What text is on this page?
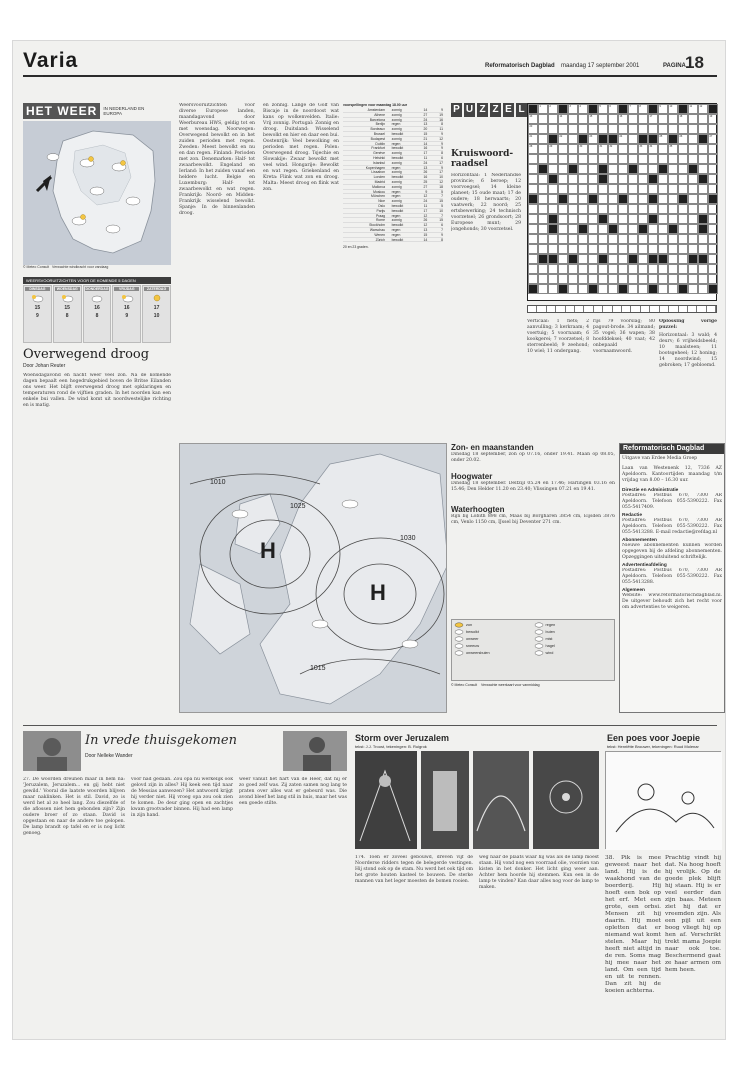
Varia	Reformatorisch Dagblad maandag 17 september 2001	PAGINA 18
HET WEER	IN NEDERLAND EN EUROPA
© Meteo Consult Verwachte windkracht voor vandaag
WEERSVOORUITZICHTEN VOOR DE KOMENDE 5 DAGEN
DINSDAG
15
9
WOENSDAG
15
8
DONDERDAG
16
8
VRIJDAG
16
9
ZATERDAG
17
10
Overwegend droog
Door Johan Reuter

Woensdagavond en nacht weer veel zon. Na de komende dagen bepaalt een hogedrukgebied boven de Britse Eilanden ons weer. Het blijft overwegend droog met opklaringen en temperaturen rond de vijftien graden. In het noorden kan een enkele bui vallen. De wind komt uit noordwestelijke richting en is matig.

Weersvooruitzichten voor diverse Europese landen, maandagavond door Weerbureau HWS, geldig tot en met woensdag. Noorwegen: Overwegend bewolkt en in het zuiden perioden met regen. Zweden: Meest bewolkt en nu en dan regen. Finland: Perioden met zon. Denemarken: Half- tot zwaarbewolkt. Engeland en Ierland: In het zuiden vanaf een heldere lucht. Belgie en Luxemburg: Half- tot zwaarbewolkt en wat regen. Frankrijk: Noord- en Midden-Frankrijk wisselend bewolkt. Spanje: In de binnenlanden droog.

en zonnig. Lange de Golf van Biscaje in de noordoost wat kans op wolkenvelden. Italie: Vrij zonnig. Portugal: Zonnig en droog. Duitsland: Wisselend bewolkt en hier en daar een bui. Oostenrijk: Veel bewolking en perioden met regen. Polen: Overwegend droog. Tsjechie en Slowakije: Zwaar bewolkt met veel wind. Hongarije: Bewolkt en wat regen. Griekenland en Kreta: Flink wat zon en droog. Malta: Meest droog en flink wat zon.

voorspellingen voor maandag 18.00 uur
Amsterdam zonnig	14	9
Athene zonnig	27	19
Barcelona zonnig	24	16
Berlijn regen	13	8
Bordeaux zonnig	20	11
Brussel bewolkt	15	9
Budapest zonnig	21	12
Dublin regen	14	9
Frankfurt bewolkt	16	9
Genève zonnig	17	8
Helsinki bewolkt	11	6
Istanbul zonnig	24	17
Kopenhagen regen	13	9
Lissabon zonnig	26	17
Londen bewolkt	16	10
Madrid zonnig	25	12
Mallorca zonnig	27	18
Moskou regen	9	5
München regen	12	7
Nice zonnig	24	15
Oslo bewolkt	11	5
Parijs bewolkt	17	10
Praag regen	12	7
Rome zonnig	26	15
Stockholm bewolkt	12	6
Warschau regen	13	7
Wenen regen	15	9
Zürich bewolkt	14	8
20 en 23 graden.
P U Z Z E L
Kruiswoord-raadsel

Horizontaal: 1 Nederlandse provincie; 6 beroep; 12 voorvoegsel; 14 kleine planeet; 15 oude maat; 17 de oudere; 18 herwaarts; 20 vaatwerk; 22 noord; 25 ertsbewerking; 24 technisch voorzetsel; 26 grondsoort; 28 Europese munt; 29 jongehonds; 30 voorzetsel.

1	2	3	4	5	6	7	8	9	10	11	12
13	14	15	16	17	18	19
20
21	22	23	24	25	26	27
28	29	30	31	32	33	34	35

Verticaal: 1 fiets; 2 aanvulling; 3 kerkraam; 4 voertuig; 5 voornaam; 6 kookgerei; 7 voorzetsel; 8 sterrenbeeld; 9 zeehond; 10 wiel; 11 ondergang.

rijs 79 voorslag; 80 pagout-brode. 34 ailmand; 35 vogel; 36 wapen; 38 hoofddeksel; 40 vaat; 42 onbepaald voornaamwoord.

Oplossing vorige puzzel:

Horizontaal: 3 wald; 4 deurv; 6 vrijheidsbeeld; 10 maalsteen; 11 bootsgeheel; 12 honing; 14 noordwind; 15 gebroken; 17 gebloemd.

Zon- en maanstanden
Dinsdag 18 september, zon op 07.16, onder 19.41. Maan op 08.05, onder 20.02.
Hoogwater
Dinsdag 18 september. Delfzijl 05.24 en 17.46; Harlingen 03.16 en 15.46; Den Helder 11.20 en 23.40; Vlissingen 07.21 en 19.41.
Waterhoogten
Rijn bij Lobith 898 cm, Maas bij Borgharen 3854 cm, Eijsden 3876 cm, Venlo 1150 cm, IJssel bij Deventer 271 cm.
zon	regen
bewolkt	buien
onweer	mist
sneeuw	hagel
onweersbuien	wind
© Meteo Consult Verwachte weerkaart voor vanmiddag
H
H
1010
1025
1030
1015
Reformatorisch Dagblad
Uitgave van Erdee Media Groep
Laan van Westenenk 12, 7336 AZ Apeldoorn. Kantoortijden maandag t/m vrijdag van 8.00 – 16.30 uur.
Directie en Administratie
Postadres: Postbus 670, 7300 AR Apeldoorn. Telefoon 055-5390222. Fax 055-5417409.
Redactie
Postadres: Postbus 670, 7300 AR Apeldoorn. Telefoon 055-5390222. Fax 055-5413288. E-mail redactie@refdag.nl
Abonnementen
Nieuwe abonnementen kunnen worden opgegeven bij de afdeling abonnementen. Opzeggingen uitsluitend schriftelijk.
Advertentieafdeling
Postadres: Postbus 670, 7300 AR Apeldoorn. Telefoon 055-5390222. Fax 055-5413288.
Algemeen
Website: www.reformatorischdagblad.nl. De uitgever behoudt zich het recht voor om advertenties te weigeren.
In vrede thuisgekomen
Door Nelleke Wander

27. De woorden dreunen maar in hem na: 'Jeruzalem, Jeruzalem... en gij hebt niet gewild.' Vooral die laatste woorden blijven maar naklinken. Het is stil. David, zo is werd het al zo heel lang. Zou diezelfde of die aflossen niet hem gebonden zijn? Zijn oudere broer of zo staan. David is opgestaan en naar de andere toe gelopen. De lamp brandt op tafel en er is nog licht genoeg.

voor had gedaan. Zou opa nu werkelijk ook gelovd zijn in alles? Hij keek een tijd naar de Messias aanwezen? Het antwoord krijgt hij verder niet. Hij vroeg opa zou ook zien te komen. De deur ging open en zachtjes kwam grootvader binnen. Hij had een lamp in zijn hand.

weer vanuit het hart van de Heer, dat hij er zo goed zelf was. Zij zaten samen nog lang te praten over alles wat er gebeurd was. Die avond bleef het lang stil in huis, maar het was een goede stilte.

Storm over Jeruzalem
tekst: J.J. Troost, tekeningen: B. Ruigrok

174. Toen er zoveel gebouwd, dreven vijf de Noorderse ridders tegen de belegerde vestingen. Hij stond ook op de stam. Nu werd het ook tijd om het grote houten kasteel te bouwen. De sterke mannen van het leger moesten de bomen rooien.

weg naar de plaats waar hij was als de lamp moest staan. Hij vond nog een voorraad olie, voorzien van kisten in het donker. Het licht ging weer aan. Achter hem hoorde hij stemmen. Kun een in de lamp te vinden? Kan daar alles nog voor de lamp te maken.

Een poes voor Joepie
tekst: Henriëtte Brouwer, tekeningen: Ruud Molenar

38. Pik is mee geweest naar het land. Hij is de waakhond van de boerderij. Hij hoeft een bok op het erf. Met een grote, een orbsi. Mensen zit hij daarin. Hij moet opletten dat er niemand wat komt stelen. Maar hij heeft niet altijd in de ren. Soms mag hij mee naar het land. Om een tijd en uit te rennen. Dan zit hij de koeien achterna.

Prachtig vindt hij dat. Na hoog hoeft hij vrolijk. Op de goede plek blijft hij staan. Hij is er veel eerder dan zijn baas. Meteen ziet hij dat er vreemden zijn. Als een pijl uit een boog vliegt hij op hen af. Verschrikt trekt mama Joepie naar ook toe. Beschermend gaat ze haar armen om hem heen.
